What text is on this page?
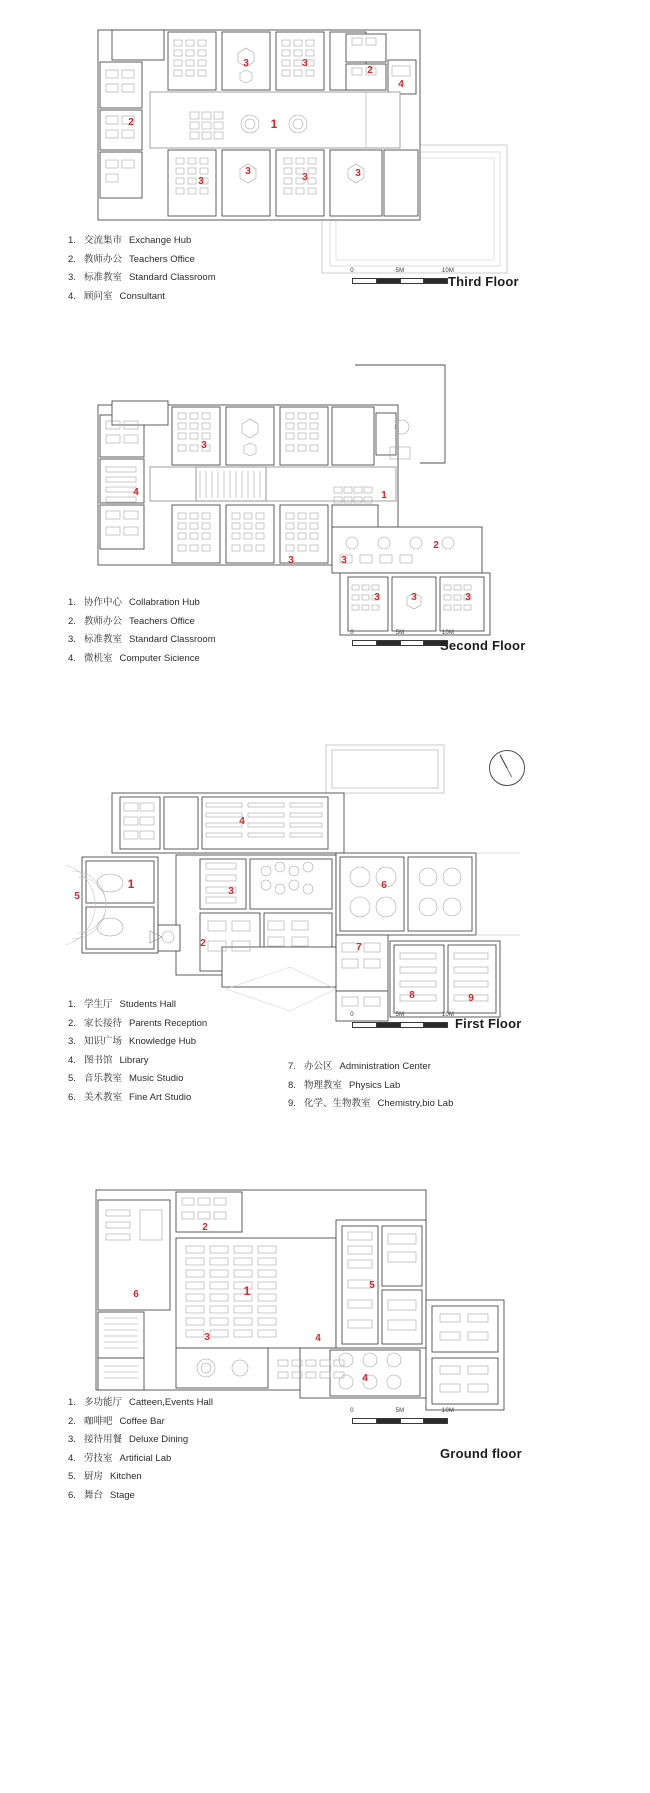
1
2
2
3	3
3
3
3	3
4
0	5M	10M
Third Floor
1. 交流集市 Exchange Hub
2. 教师办公 Teachers Office
3. 标准教室 Standard Classroom
4. 顾问室 Consultant
1
2
3
3	3
3	3	3
4
0	5M	10M
Second Floor
1. 协作中心 Collabration Hub
2. 教师办公 Teachers Office
3. 标准教室 Standard Classroom
4. 微机室 Computer Sicience
1
2
3
4
5
6
7
8	9
0	5M	10M
First Floor
1. 学生厅 Students Hall
2. 家长接待 Parents Reception
3. 知识广场 Knowledge Hub
4. 图书馆 Library
5. 音乐教室 Music Studio
6. 美术教室 Fine Art Studio
7. 办公区 Administration Center
8. 物理教室 Physics Lab
9. 化学、生物教室 Chemistry,bio Lab
1
2
3	4
4
5
6
0	5M	10M
Ground floor
1. 多功能厅 Catteen,Events Hall
2. 咖啡吧 Coffee Bar
3. 接待用餐 Deluxe Dining
4. 劳技室 Artificial Lab
5. 厨房 Kitchen
6. 舞台 Stage
